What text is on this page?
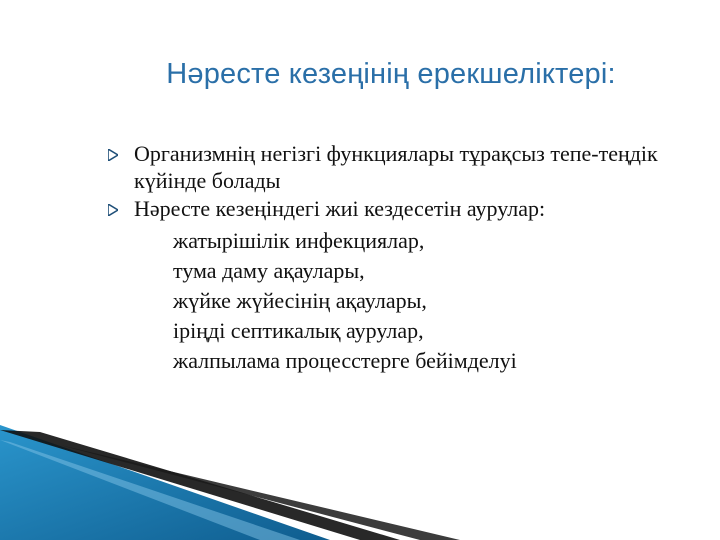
Нәресте кезеңінің ерекшеліктері:
Организмнің негізгі функциялары тұрақсыз тепе-теңдік күйінде болады
Нәресте кезеңіндегі жиі кездесетін аурулар:
жатырішілік инфекциялар,
тума даму ақаулары,
жүйке жүйесінің ақаулары,
іріңді септикалық аурулар,
жалпылама процесстерге бейімделуі
